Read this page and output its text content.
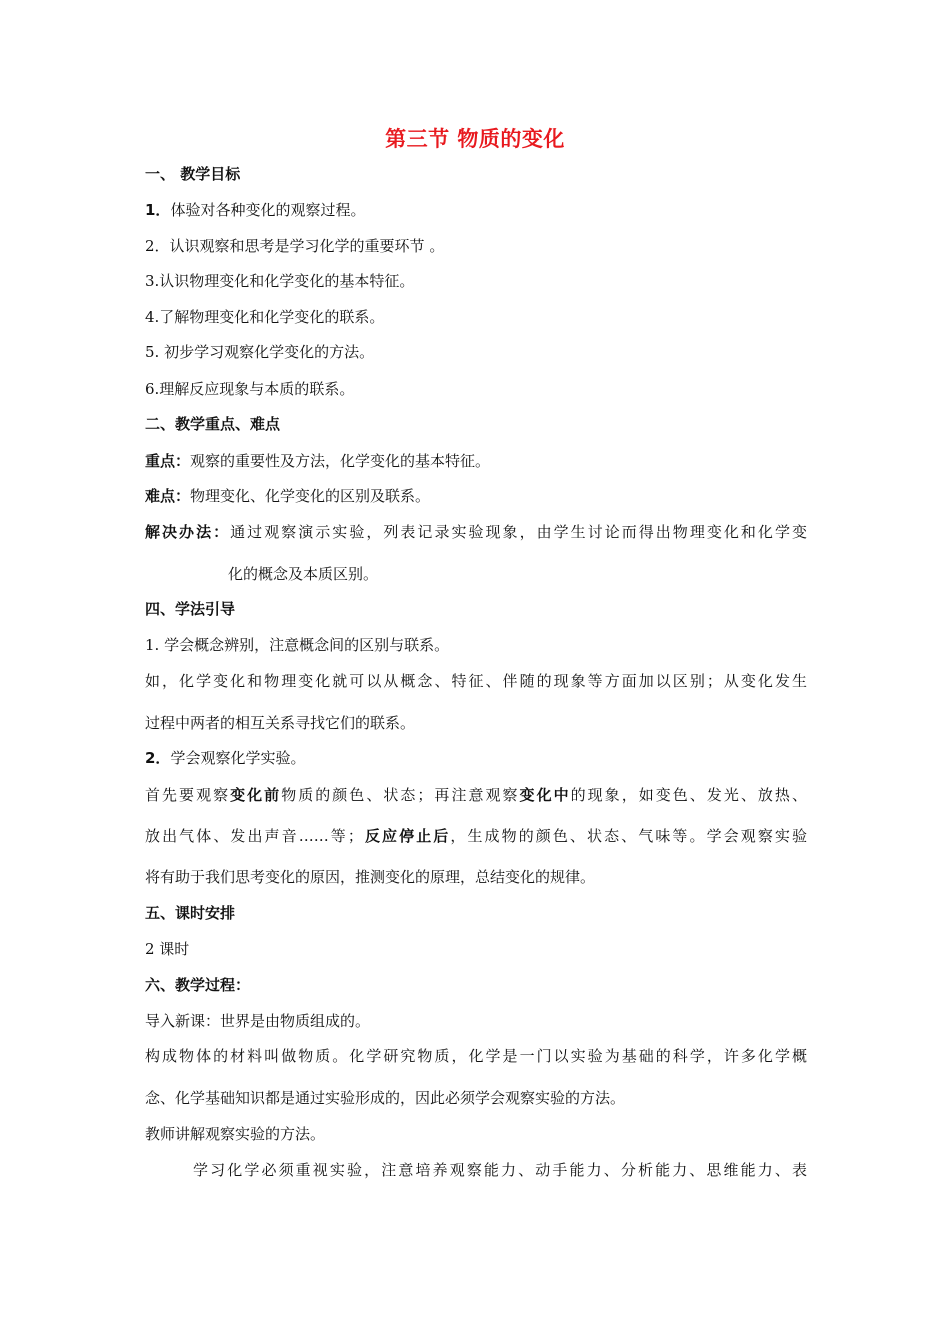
第三节 物质的变化
一、 教学目标
1．体验对各种变化的观察过程。
2．认识观察和思考是学习化学的重要环节 。
3.认识物理变化和化学变化的基本特征。
4.了解物理变化和化学变化的联系。
5. 初步学习观察化学变化的方法。
6.理解反应现象与本质的联系。
二、教学重点、难点
重点：观察的重要性及方法，化学变化的基本特征。
难点：物理变化、化学变化的区别及联系。
解决办法：通过观察演示实验，列表记录实验现象，由学生讨论而得出物理变化和化学变
化的概念及本质区别。
四、学法引导
1. 学会概念辨别，注意概念间的区别与联系。
如，化学变化和物理变化就可以从概念、特征、伴随的现象等方面加以区别；从变化发生
过程中两者的相互关系寻找它们的联系。
2．学会观察化学实验。
首先要观察变化前物质的颜色、状态；再注意观察变化中的现象，如变色、发光、放热、
放出气体、发出声音……等；反应停止后，生成物的颜色、状态、气味等。学会观察实验
将有助于我们思考变化的原因，推测变化的原理，总结变化的规律。
五、课时安排
2 课时
六、教学过程：
导入新课：世界是由物质组成的。
构成物体的材料叫做物质。化学研究物质，化学是一门以实验为基础的科学，许多化学概
念、化学基础知识都是通过实验形成的，因此必须学会观察实验的方法。
教师讲解观察实验的方法。
学习化学必须重视实验，注意培养观察能力、动手能力、分析能力、思维能力、表
